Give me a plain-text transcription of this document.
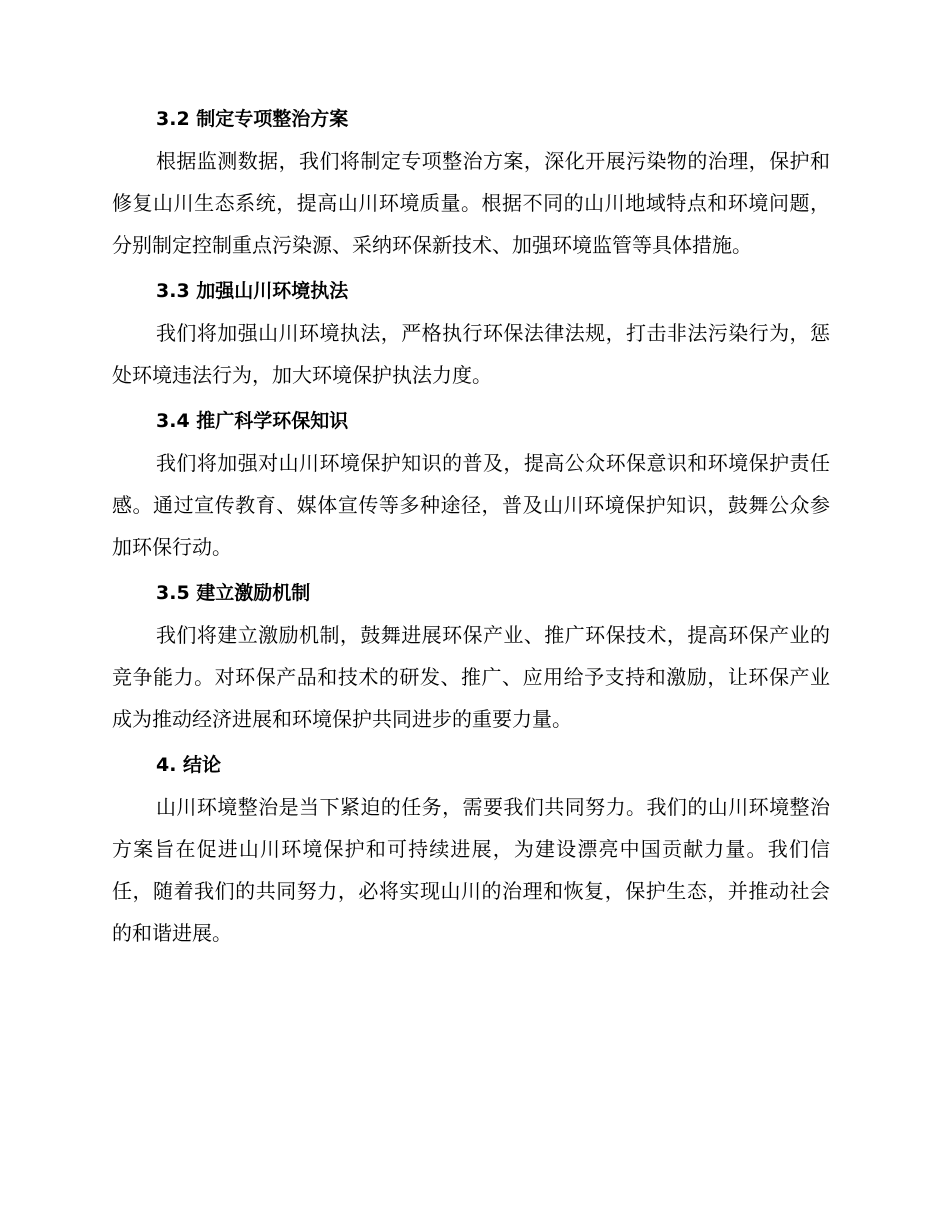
3.2 制定专项整治方案

根据监测数据，我们将制定专项整治方案，深化开展污染物的治理，保护和修复山川生态系统，提高山川环境质量。根据不同的山川地域特点和环境问题，分别制定控制重点污染源、采纳环保新技术、加强环境监管等具体措施。

3.3 加强山川环境执法

我们将加强山川环境执法，严格执行环保法律法规，打击非法污染行为，惩处环境违法行为，加大环境保护执法力度。

3.4 推广科学环保知识

我们将加强对山川环境保护知识的普及，提高公众环保意识和环境保护责任感。通过宣传教育、媒体宣传等多种途径，普及山川环境保护知识，鼓舞公众参加环保行动。

3.5 建立激励机制

我们将建立激励机制，鼓舞进展环保产业、推广环保技术，提高环保产业的竞争能力。对环保产品和技术的研发、推广、应用给予支持和激励，让环保产业成为推动经济进展和环境保护共同进步的重要力量。

4. 结论

山川环境整治是当下紧迫的任务，需要我们共同努力。我们的山川环境整治方案旨在促进山川环境保护和可持续进展，为建设漂亮中国贡献力量。我们信任，随着我们的共同努力，必将实现山川的治理和恢复，保护生态，并推动社会的和谐进展。
